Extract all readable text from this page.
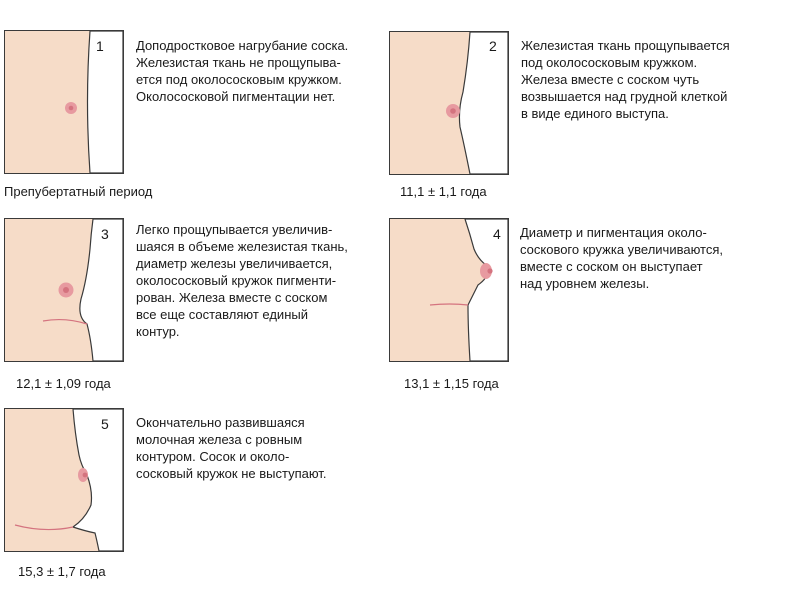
1 Доподростковое нагрубание соска.
Железистая ткань не прощупыва-
ется под околососковым кружком.
Околососковой пигментации нет.
Препубертатный период
2 Железистая ткань прощупывается
под околососковым кружком.
Железа вместе с соском чуть
возвышается над грудной клеткой
в виде единого выступа.
11,1 ± 1,1 года
3 Легко прощупывается увеличив-
шаяся в объеме железистая ткань,
диаметр железы увеличивается,
околососковый кружок пигменти-
рован. Железа вместе с соском
все еще составляют единый
контур.
12,1 ± 1,09 года
4 Диаметр и пигментация около-
соскового кружка увеличиваются,
вместе с соском он выступает
над уровнем железы.
13,1 ± 1,15 года
5 Окончательно развившаяся
молочная железа с ровным
контуром. Сосок и около-
сосковый кружок не выступают.
15,3 ± 1,7 года
